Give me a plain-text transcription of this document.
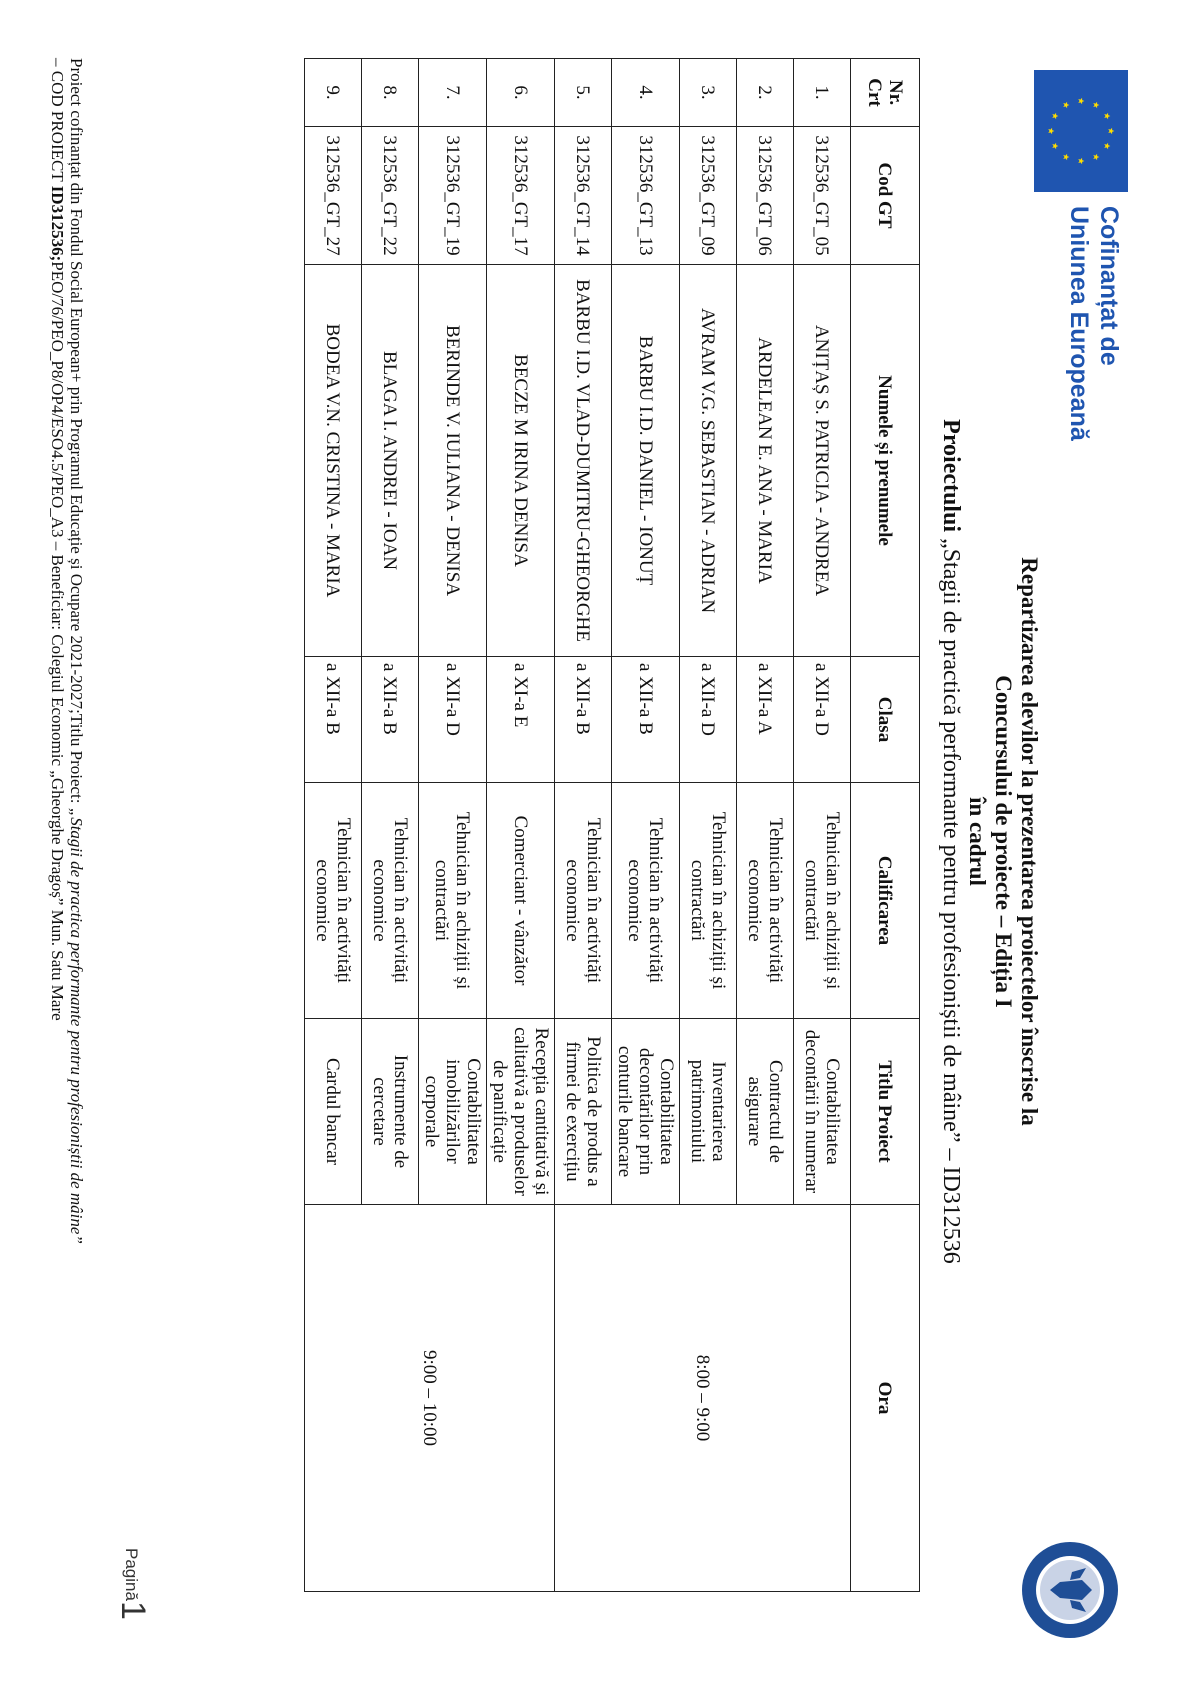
Cofinanțat de
Uniunea Europeană
Repartizarea elevilor la prezentarea proiectelor înscrise la
Concursului de proiecte – Ediția I
în cadrul
Proiectului „Stagii de practică performante pentru profesioniștii de mâine” – ID312536
Nr.
Crt	Cod GT	Numele și prenumele	Clasa	Calificarea	Titlu Proiect	Ora
1.	312536_GT_05	ANIȚAȘ S. PATRICIA - ANDREA	a XII-a D	Tehnician în achiziții și contractări	Contabilitatea decontării în numerar	8:00 – 9:00
2.	312536_GT_06	ARDELEAN E. ANA - MARIA	a XII-a A	Tehnician în activități economice	Contractul de asigurare	
3.	312536_GT_09	AVRAM V.G. SEBASTIAN - ADRIAN	a XII-a D	Tehnician în achiziții și contractări	Inventarierea patrimoniului	
4.	312536_GT_13	BARBU I.D. DANIEL - IONUȚ	a XII-a B	Tehnician în activități economice	Contabilitatea decontărilor prin conturile bancare	
5.	312536_GT_14	BARBU I.D. VLAD-DUMITRU-GHEORGHE	a XII-a B	Tehnician în activități economice	Politica de produs a firmei de exercițiu	
6.	312536_GT_17	BECZE M IRINA DENISA	a XI-a E	Comerciant - vânzător	Recepția cantitativă și calitativă a produselor de panificație	9:00 – 10:00
7.	312536_GT_19	BERINDE V. IULIANA - DENISA	a XII-a D	Tehnician în achiziții și contractări	Contabilitatea imobilizărilor corporale	
8.	312536_GT_22	BLAGA I. ANDREI - IOAN	a XII-a B	Tehnician în activități economice	Instrumente de cercetare	
9.	312536_GT_27	BODEA V.N. CRISTINA - MARIA	a XII-a B	Tehnician în activități economice	Cardul bancar	
Pagină1
Proiect cofinanțat din Fondul Social European+ prin Programul Educație și Ocupare 2021-2027;Titlu Proiect: „Stagii de practica performante pentru profesioniștii de mâine”
– COD PROIECT ID312536;PEO/76/PEO_P8/OP4/ESO4.5/PEO_A3 – Beneficiar: Colegiul Economic „Gheorghe Dragoș” Mun. Satu Mare
